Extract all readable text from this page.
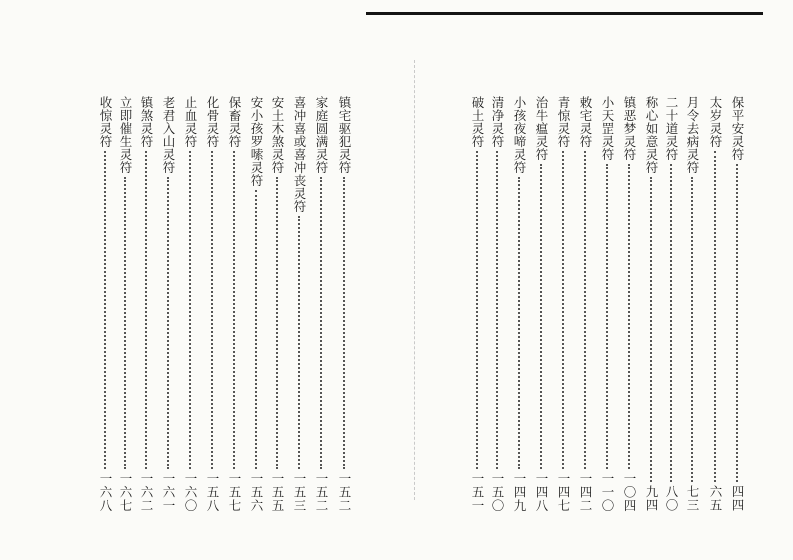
镇宅驱犯灵符
一五二
家庭圆满灵符
一五二
喜冲喜或喜冲丧灵符
一五三
安土木煞灵符
一五五
安小孩罗嗦灵符
一五六
保畜灵符
一五七
化骨灵符
一五八
止血灵符
一六〇
老君入山灵符
一六一
镇煞灵符
一六二
立即催生灵符
一六七
收惊灵符
一六八
保平安灵符
四四
太岁灵符
六五
月令去病灵符
七三
二十道灵符
八〇
称心如意灵符
九四
镇恶梦灵符
一〇四
小天罡灵符
一一〇
敕宅灵符
一四二
青惊灵符
一四七
治牛瘟灵符
一四八
小孩夜啼灵符
一四九
清净灵符
一五〇
破土灵符
一五一
